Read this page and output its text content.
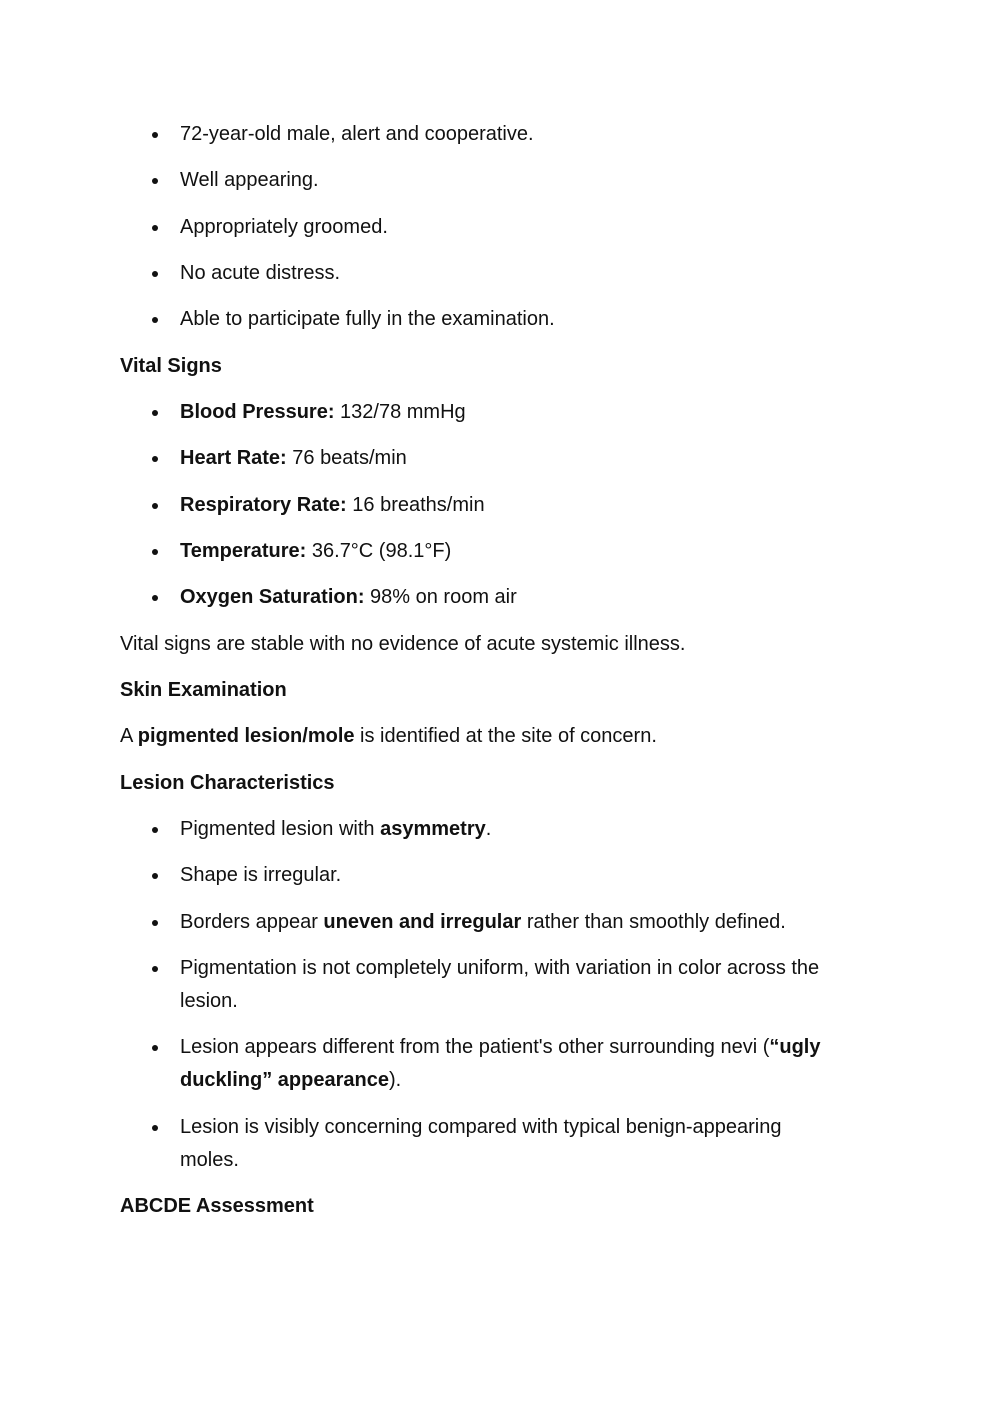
72-year-old male, alert and cooperative.
Well appearing.
Appropriately groomed.
No acute distress.
Able to participate fully in the examination.
Vital Signs
Blood Pressure: 132/78 mmHg
Heart Rate: 76 beats/min
Respiratory Rate: 16 breaths/min
Temperature: 36.7°C (98.1°F)
Oxygen Saturation: 98% on room air
Vital signs are stable with no evidence of acute systemic illness.
Skin Examination
A pigmented lesion/mole is identified at the site of concern.
Lesion Characteristics
Pigmented lesion with asymmetry.
Shape is irregular.
Borders appear uneven and irregular rather than smoothly defined.
Pigmentation is not completely uniform, with variation in color across the lesion.
Lesion appears different from the patient's other surrounding nevi (“ugly duckling” appearance).
Lesion is visibly concerning compared with typical benign-appearing moles.
ABCDE Assessment
